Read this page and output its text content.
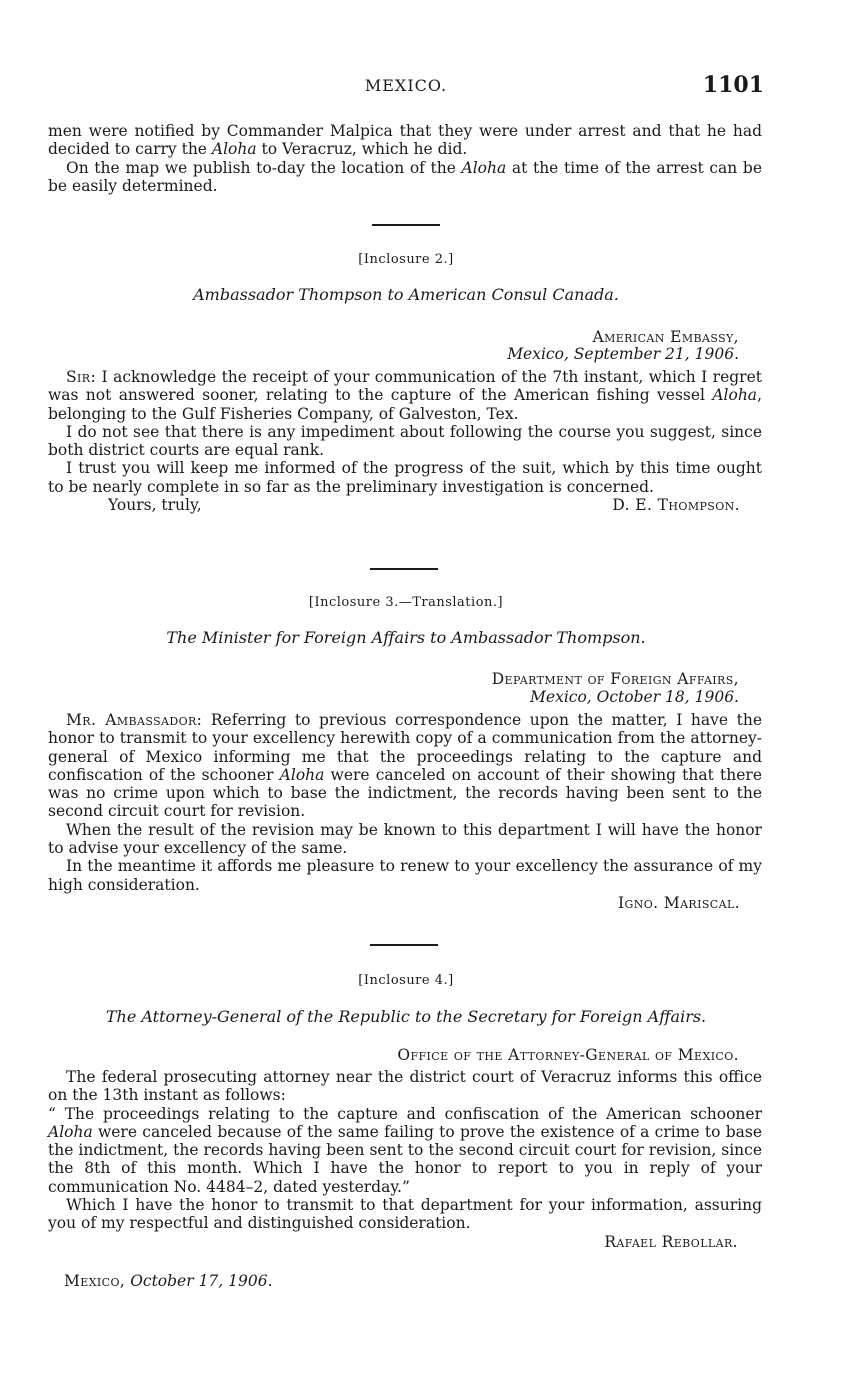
MEXICO.	1101

men were notified by Commander Malpica that they were under arrest and that he had decided to carry the Aloha to Veracruz, which he did.

On the map we publish to-day the location of the Aloha at the time of the arrest can be be easily determined.

[Inclosure 2.]
Ambassador Thompson to American Consul Canada.
American Embassy,
Mexico, September 21, 1906.

Sir: I acknowledge the receipt of your communication of the 7th instant, which I regret was not answered sooner, relating to the capture of the American fishing vessel Aloha, belonging to the Gulf Fisheries Company, of Galveston, Tex.

I do not see that there is any impediment about following the course you suggest, since both district courts are equal rank.

I trust you will keep me informed of the progress of the suit, which by this time ought to be nearly complete in so far as the preliminary investigation is concerned.

Yours, truly,	D. E. Thompson.
[Inclosure 3.—Translation.]
The Minister for Foreign Affairs to Ambassador Thompson.
Department of Foreign Affairs,
Mexico, October 18, 1906.

Mr. Ambassador: Referring to previous correspondence upon the matter, I have the honor to transmit to your excellency herewith copy of a communication from the attorney-general of Mexico informing me that the proceedings relating to the capture and confiscation of the schooner Aloha were canceled on account of their showing that there was no crime upon which to base the indictment, the records having been sent to the second circuit court for revision.

When the result of the revision may be known to this department I will have the honor to advise your excellency of the same.

In the meantime it affords me pleasure to renew to your excellency the assurance of my high consideration.

Igno. Mariscal.
[Inclosure 4.]
The Attorney-General of the Republic to the Secretary for Foreign Affairs.
Office of the Attorney-General of Mexico.

The federal prosecuting attorney near the district court of Veracruz informs this office on the 13th instant as follows:

“ The proceedings relating to the capture and confiscation of the American schooner Aloha were canceled because of the same failing to prove the existence of a crime to base the indictment, the records having been sent to the second circuit court for revision, since the 8th of this month. Which I have the honor to report to you in reply of your communication No. 4484–2, dated yesterday.”

Which I have the honor to transmit to that department for your information, assuring you of my respectful and distinguished consideration.

Rafael Rebollar.
Mexico, October 17, 1906.
